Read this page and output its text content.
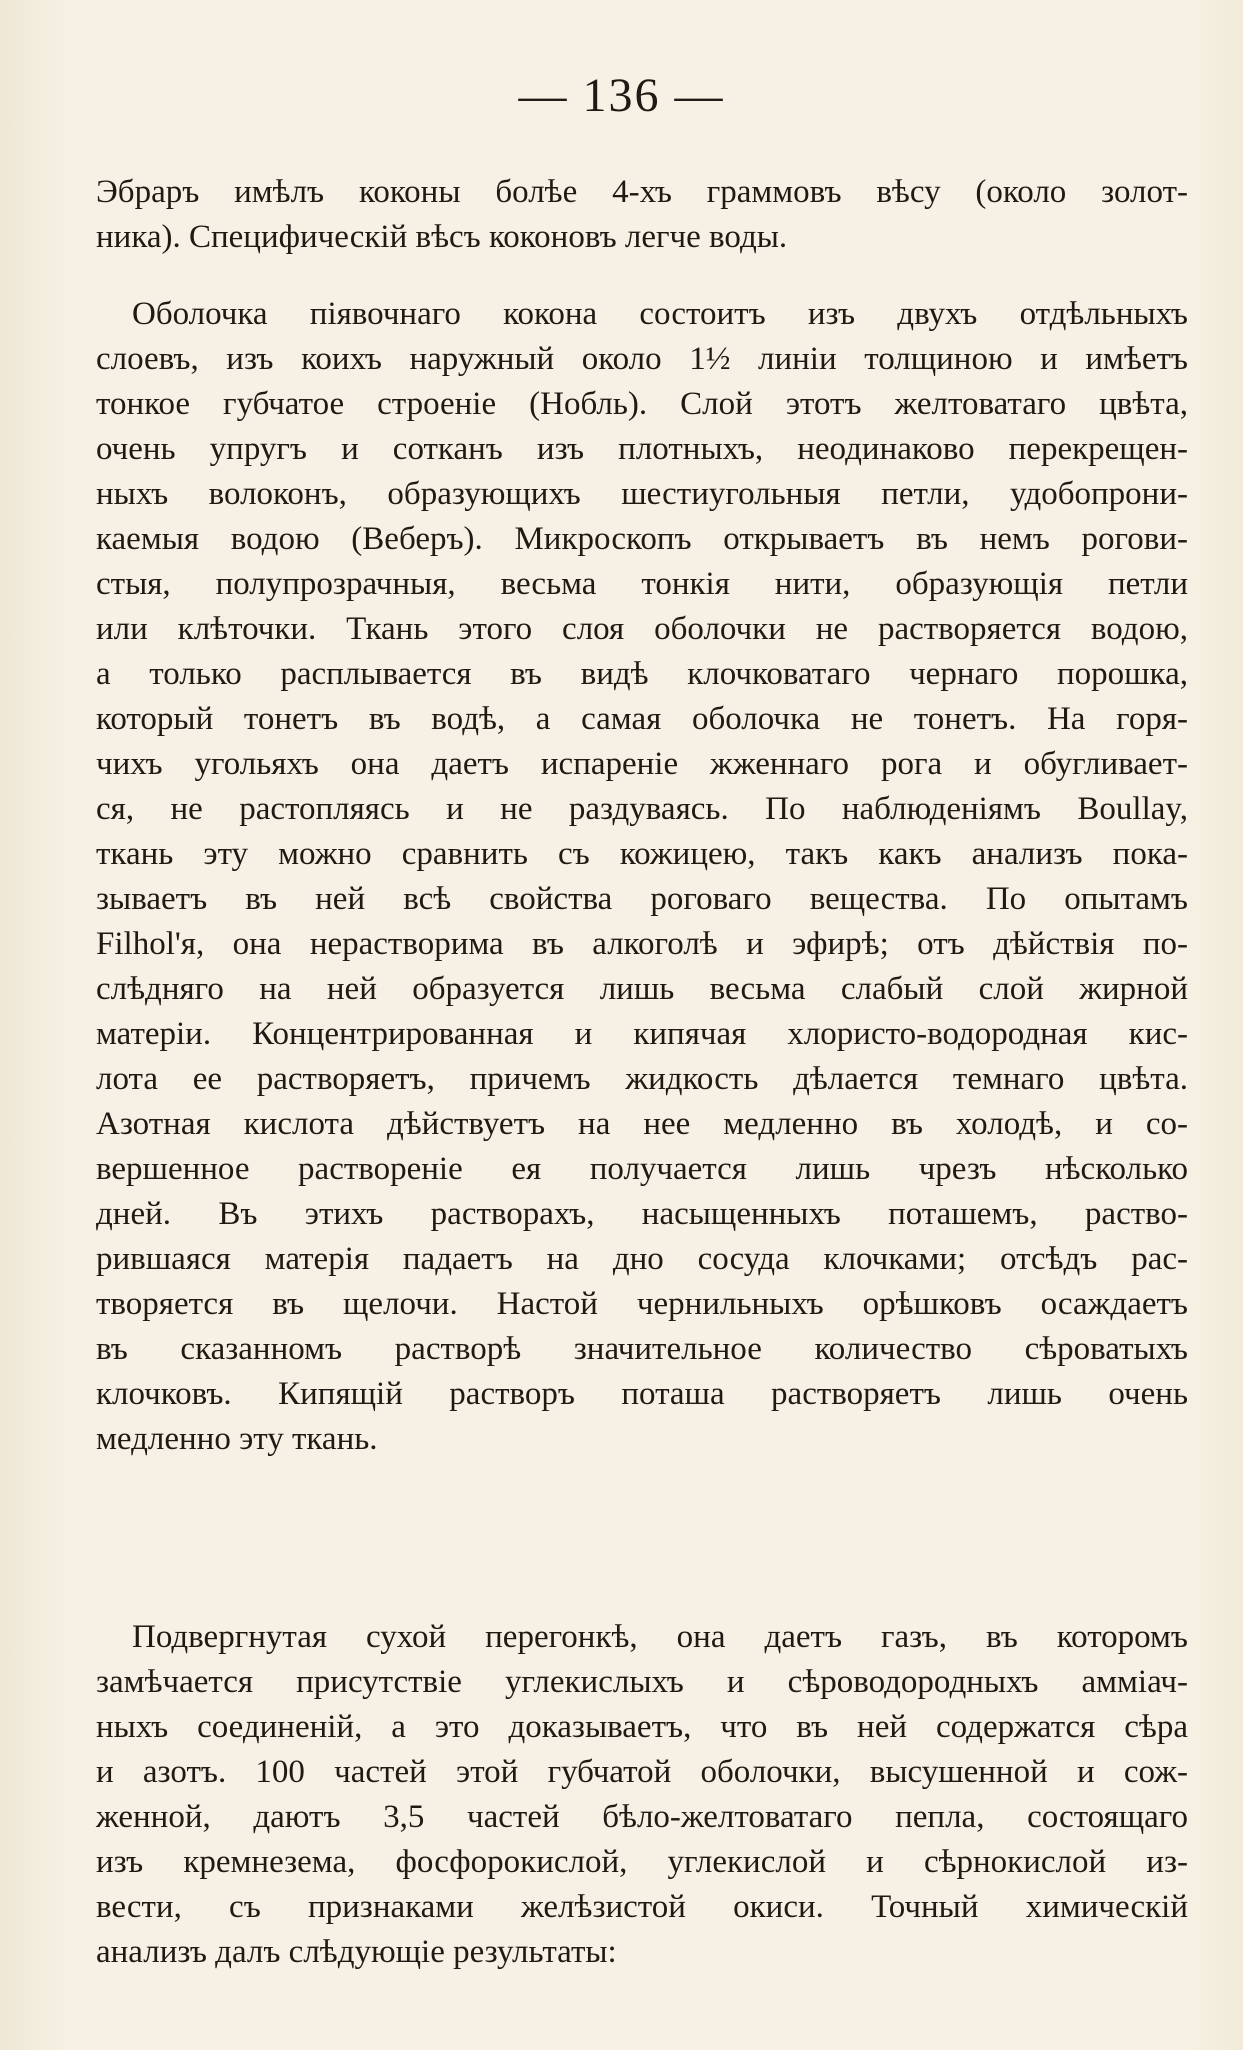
— 136 —
Эбраръ имѣлъ коконы болѣе 4-хъ граммовъ вѣсу (около золот-
ника). Специфическій вѣсъ коконовъ легче воды.
Оболочка піявочнаго кокона состоитъ изъ двухъ отдѣльныхъ
слоевъ, изъ коихъ наружный около 1½ линіи толщиною и имѣетъ
тонкое губчатое строеніе (Нобль). Слой этотъ желтоватаго цвѣта,
очень упругъ и сотканъ изъ плотныхъ, неодинаково перекрещен-
ныхъ волоконъ, образующихъ шестиугольныя петли, удобопрони-
каемыя водою (Веберъ). Микроскопъ открываетъ въ немъ рогови-
стыя, полупрозрачныя, весьма тонкія нити, образующія петли
или клѣточки. Ткань этого слоя оболочки не растворяется водою,
а только расплывается въ видѣ клочковатаго чернаго порошка,
который тонетъ въ водѣ, а самая оболочка не тонетъ. На горя-
чихъ угольяхъ она даетъ испареніе жженнаго рога и обугливает-
ся, не растопляясь и не раздуваясь. По наблюденіямъ Boullay,
ткань эту можно сравнить съ кожицею, такъ какъ анализъ пока-
зываетъ въ ней всѣ свойства роговаго вещества. По опытамъ
Filhol'я, она нерастворима въ алкоголѣ и эфирѣ; отъ дѣйствія по-
слѣдняго на ней образуется лишь весьма слабый слой жирной
матеріи. Концентрированная и кипячая хлористо-водородная кис-
лота ее растворяетъ, причемъ жидкость дѣлается темнаго цвѣта.
Азотная кислота дѣйствуетъ на нее медленно въ холодѣ, и со-
вершенное раствореніе ея получается лишь чрезъ нѣсколько
дней. Въ этихъ растворахъ, насыщенныхъ поташемъ, раство-
рившаяся матерія падаетъ на дно сосуда клочками; отсѣдъ рас-
творяется въ щелочи. Настой чернильныхъ орѣшковъ осаждаетъ
въ сказанномъ растворѣ значительное количество сѣроватыхъ
клочковъ. Кипящій растворъ поташа растворяетъ лишь очень
медленно эту ткань.
Подвергнутая сухой перегонкѣ, она даетъ газъ, въ которомъ
замѣчается присутствіе углекислыхъ и сѣроводородныхъ амміач-
ныхъ соединеній, а это доказываетъ, что въ ней содержатся сѣра
и азотъ. 100 частей этой губчатой оболочки, высушенной и сож-
женной, даютъ 3,5 частей бѣло-желтоватаго пепла, состоящаго
изъ кремнезема, фосфорокислой, углекислой и сѣрнокислой из-
вести, съ признаками желѣзистой окиси. Точный химическій
анализъ далъ слѣдующіе результаты:
